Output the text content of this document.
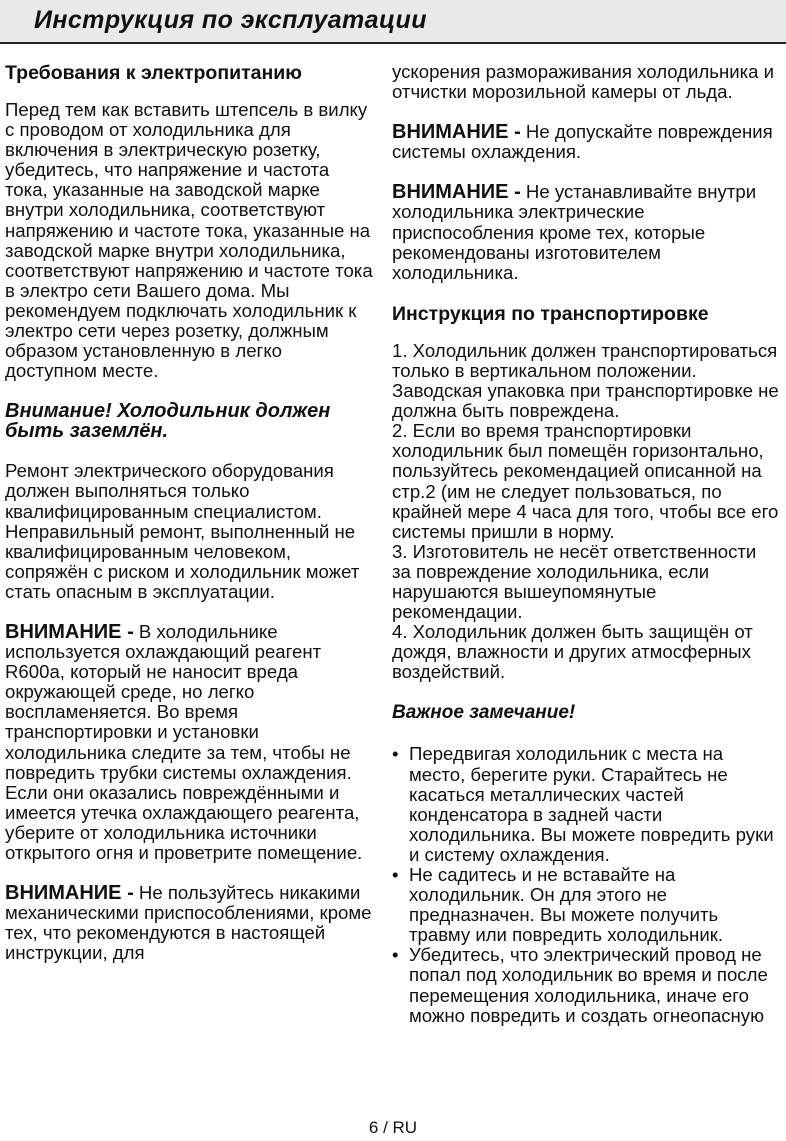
Инструкция по эксплуатации
Требования к электропитанию

Перед тем как вставить штепсель в вилку с проводом от холодильника для включения в электрическую розетку, убедитесь, что напряжение и частота тока, указанные на заводской марке внутри холодильника, соответствуют напряжению и частоте тока, указанные на заводской марке внутри холодильника, соответствуют напряжению и частоте тока в электро сети Вашего дома. Мы рекомендуем подключать холодильник к электро сети через розетку, должным образом установленную в легко доступном месте.

Внимание! Холодильник должен быть заземлён.

Ремонт электрического оборудования должен выполняться только квалифицированным специалистом. Неправильный ремонт, выполненный не квалифицированным человеком, сопряжён с риском и холодильник может стать опасным в эксплуатации.

ВНИМАНИЕ - В холодильнике используется охлаждающий реагент R600а, который не наносит вреда окружающей среде, но легко воспламеняется. Во время транспортировки и установки холодильника следите за тем, чтобы не повредить трубки системы охлаждения. Если они оказались повреждёнными и имеется утечка охлаждающего реагента, уберите от холодильника источники открытого огня и проветрите помещение.

ВНИМАНИЕ - Не пользуйтесь никакими механическими приспособлениями, кроме тех, что рекомендуются в настоящей инструкции, для

ускорения размораживания холодильника и отчистки морозильной камеры от льда.

ВНИМАНИЕ - Не допускайте повреждения системы охлаждения.

ВНИМАНИЕ - Не устанавливайте внутри холодильника электрические приспособления кроме тех, которые рекомендованы изготовителем холодильника.

Инструкция по транспортировке

1. Холодильник должен транспортироваться только в вертикальном положении. Заводская упаковка при транспортировке не должна быть повреждена.

2. Если во время транспортировки холодильник был помещён горизонтально, пользуйтесь рекомендацией описанной на стр.2 (им не следует пользоваться, по крайней мере 4 часа для того, чтобы все его системы пришли в норму.

3. Изготовитель не несёт ответственности за повреждение холодильника, если нарушаются вышеупомянутые рекомендации.

4. Холодильник должен быть защищён от дождя, влажности и других атмосферных воздействий.

Важное замечание!
• Передвигая холодильник с места на место, берегите руки. Старайтесь не касаться металлических частей конденсатора в задней части холодильника. Вы можете повредить руки и систему охлаждения.
• Не садитесь и не вставайте на холодильник. Он для этого не предназначен. Вы можете получить травму или повредить холодильник.
• Убедитесь, что электрический провод не попал под холодильник во время и после перемещения холодильника, иначе его можно повредить и создать огнеопасную
6 / RU
